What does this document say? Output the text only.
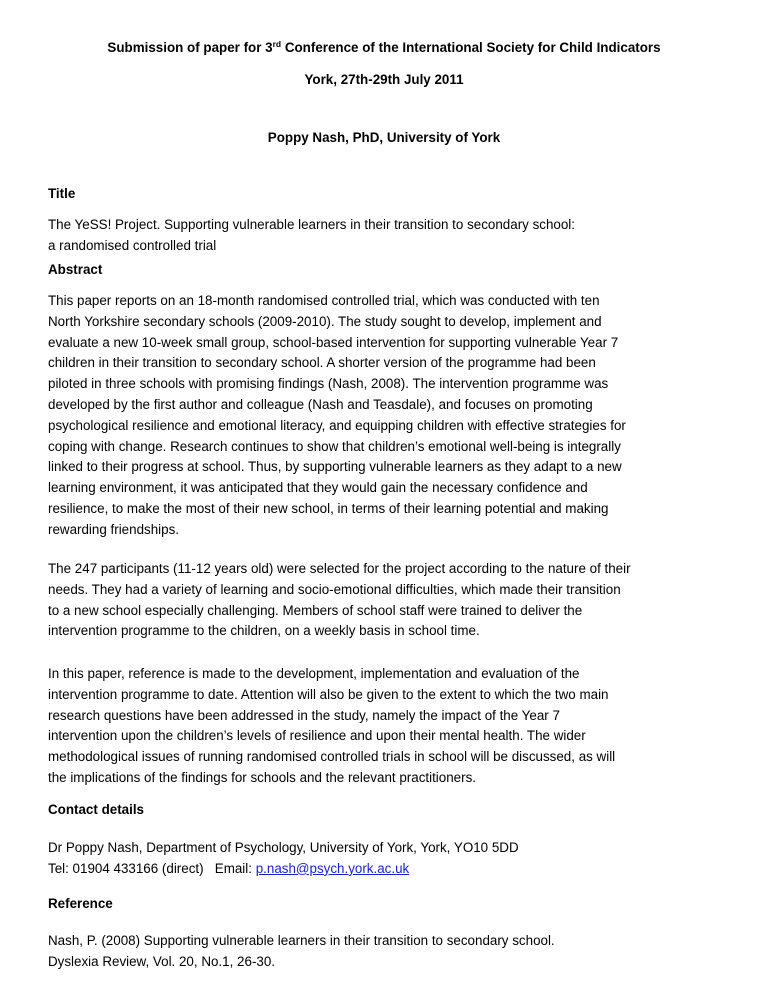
Submission of paper for 3rd Conference of the International Society for Child Indicators
York, 27th-29th July 2011
Poppy Nash, PhD, University of York
Title
The YeSS! Project. Supporting vulnerable learners in their transition to secondary school:
a randomised controlled trial
Abstract
This paper reports on an 18-month randomised controlled trial, which was conducted with ten
North Yorkshire secondary schools (2009-2010). The study sought to develop, implement and
evaluate a new 10-week small group, school-based intervention for supporting vulnerable Year 7
children in their transition to secondary school. A shorter version of the programme had been
piloted in three schools with promising findings (Nash, 2008). The intervention programme was
developed by the first author and colleague (Nash and Teasdale), and focuses on promoting
psychological resilience and emotional literacy, and equipping children with effective strategies for
coping with change. Research continues to show that children’s emotional well-being is integrally
linked to their progress at school. Thus, by supporting vulnerable learners as they adapt to a new
learning environment, it was anticipated that they would gain the necessary confidence and
resilience, to make the most of their new school, in terms of their learning potential and making
rewarding friendships.
The 247 participants (11-12 years old) were selected for the project according to the nature of their
needs. They had a variety of learning and socio-emotional difficulties, which made their transition
to a new school especially challenging. Members of school staff were trained to deliver the
intervention programme to the children, on a weekly basis in school time.
In this paper, reference is made to the development, implementation and evaluation of the
intervention programme to date. Attention will also be given to the extent to which the two main
research questions have been addressed in the study, namely the impact of the Year 7
intervention upon the children’s levels of resilience and upon their mental health. The wider
methodological issues of running randomised controlled trials in school will be discussed, as will
the implications of the findings for schools and the relevant practitioners.
Contact details
Dr Poppy Nash, Department of Psychology, University of York, York, YO10 5DD
Tel: 01904 433166 (direct) Email: p.nash@psych.york.ac.uk
Reference
Nash, P. (2008) Supporting vulnerable learners in their transition to secondary school.
Dyslexia Review, Vol. 20, No.1, 26-30.
